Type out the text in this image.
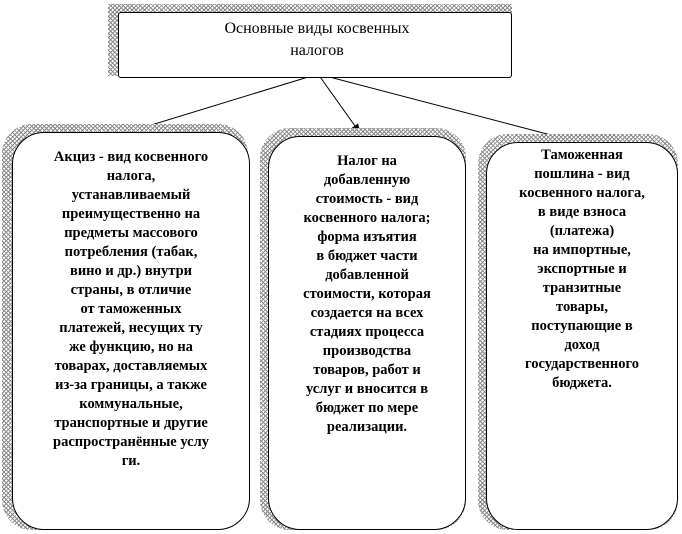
Основные виды косвенных
налогов
Акциз - вид косвенного
налога,
устанавливаемый
преимущественно на
предметы массового
потребления (табак,
вино и др.) внутри
страны, в отличие
от таможенных
платежей, несущих ту
же функцию, но на
товарах, доставляемых
из-за границы, а также
коммунальные,
транспортные и другие
распространённые услу
ги.
Налог на
добавленную
стоимость - вид
косвенного налога;
форма изъятия
в бюджет части
добавленной
стоимости, которая
создается на всех
стадиях процесса
производства
товаров, работ и
услуг и вносится в
бюджет по мере
реализации.
Таможенная
пошлина - вид
косвенного налога,
в виде взноса
(платежа)
на импортные,
экспортные и
транзитные
товары,
поступающие в
доход
государственного
бюджета.
